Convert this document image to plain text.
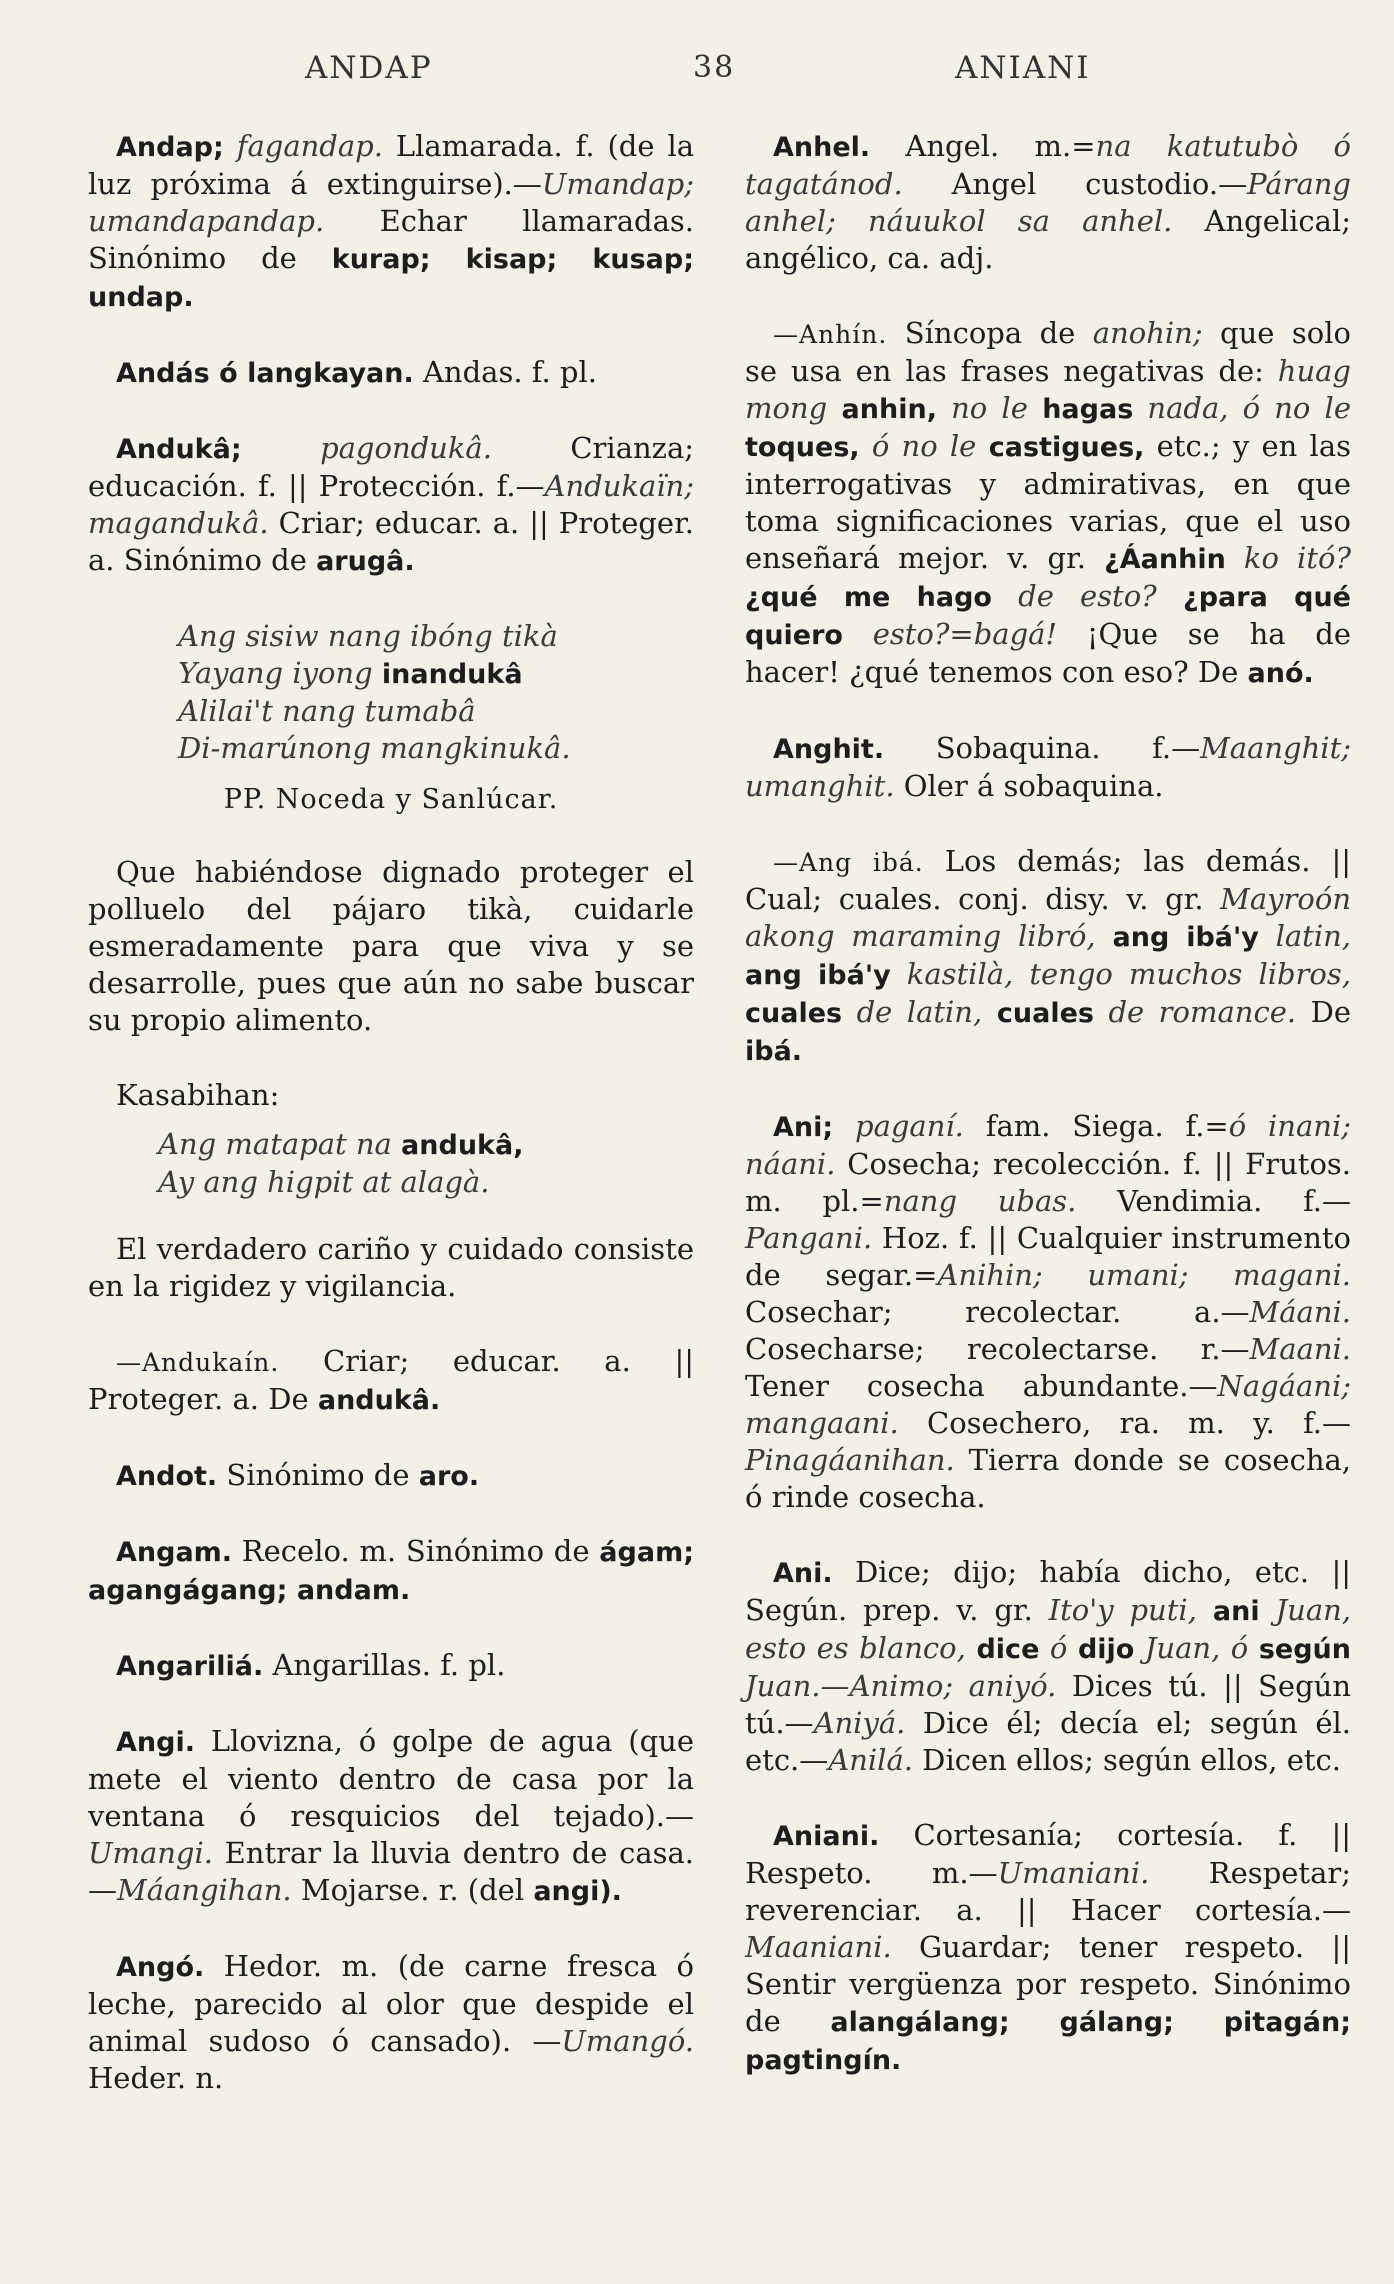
ANDAP	38	ANIANI

Andap; fagandap. Llamarada. f. (de la luz próxima á extinguirse).—Umandap; umandapandap. Echar llamaradas. Sinónimo de kurap; kisap; kusap; undap.

Andás ó langkayan. Andas. f. pl.

Andukâ;	pagondukâ. Crianza; educación. f. || Protección. f.—Andukaïn; magandukâ. Criar; educar. a. || Proteger. a. Sinónimo de arugâ.

Ang sisiw nang ibóng tikà
Yayang iyong inandukâ
Alilai't nang tumabâ
Di-marúnong mangkinukâ.
PP. Noceda y Sanlúcar.

Que habiéndose dignado proteger el polluelo del pájaro tikà, cuidarle esmeradamente para que viva y se desarrolle, pues que aún no sabe buscar su propio alimento.

Kasabihan:

Ang matapat na andukâ,
Ay ang higpit at alagà.

El verdadero cariño y cuidado consiste en la rigidez y vigilancia.

—Andukaín. Criar; educar. a. || Proteger. a. De andukâ.

Andot. Sinónimo de aro.

Angam. Recelo. m. Sinónimo de ágam; agangágang; andam.

Angariliá. Angarillas. f. pl.

Angi. Llovizna, ó golpe de agua (que mete el viento dentro de casa por la ventana ó resquicios del tejado).—Umangi. Entrar la lluvia dentro de casa.—Máangihan. Mojarse. r. (del angi).

Angó. Hedor. m. (de carne fresca ó leche, parecido al olor que despide el animal sudoso ó cansado). —Umangó. Heder. n.

Anhel. Angel. m.=na katutubò ó tagatánod. Angel custodio.—Párang anhel; náuukol sa anhel. Angelical; angélico, ca. adj.

—Anhín. Síncopa de anohin; que solo se usa en las frases negativas de: huag mong anhin, no le hagas nada, ó no le toques, ó no le castigues, etc.; y en las interrogativas y admirativas, en que toma significaciones varias, que el uso enseñará mejor. v. gr. ¿Áanhin ko itó? ¿qué me hago de esto? ¿para qué quiero esto?=bagá! ¡Que se ha de hacer! ¿qué tenemos con eso? De anó.

Anghit. Sobaquina. f.—Maanghit; umanghit. Oler á sobaquina.

—Ang ibá. Los demás; las demás. || Cual; cuales. conj. disy. v. gr. Mayroón akong maraming libró, ang ibá'y latin, ang ibá'y kastilà, tengo muchos libros, cuales de latin, cuales de romance. De ibá.

Ani; paganí. fam. Siega. f.=ó inani; náani. Cosecha; recolección. f. || Frutos. m. pl.=nang ubas. Vendimia. f.—Pangani. Hoz. f. || Cualquier instrumento de segar.=Anihin; umani; magani. Cosechar; recolectar. a.—Máani. Cosecharse; recolectarse. r.—Maani. Tener cosecha abundante.—Nagáani; mangaani. Cosechero, ra. m. y. f.—Pinagáanihan. Tierra donde se cosecha, ó rinde cosecha.

Ani. Dice; dijo; había dicho, etc. || Según. prep. v. gr. Ito'y puti, ani Juan, esto es blanco, dice ó dijo Juan, ó según Juan.—Animo; aniyó. Dices tú. || Según tú.—Aniyá. Dice él; decía el; según él. etc.—Anilá. Dicen ellos; según ellos, etc.

Aniani. Cortesanía; cortesía. f. || Respeto. m.—Umaniani. Respetar; reverenciar. a. || Hacer cortesía.—Maaniani. Guardar; tener respeto. || Sentir vergüenza por respeto. Sinónimo de alangálang; gálang; pitagán; pagtingín.
